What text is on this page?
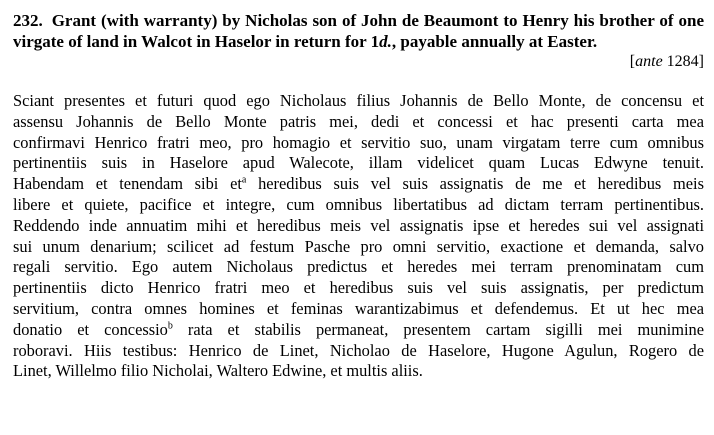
232. Grant (with warranty) by Nicholas son of John de Beaumont to Henry his brother of one virgate of land in Walcot in Haselor in return for 1d., payable annually at Easter.

[ante 1284]

Sciant presentes et futuri quod ego Nicholaus filius Johannis de Bello Monte, de concensu et
assensu Johannis de Bello Monte patris mei, dedi et concessi et hac presenti carta mea
confirmavi Henrico fratri meo, pro homagio et servitio suo, unam virgatam terre cum omnibus
pertinentiis suis in Haselore apud Walecote, illam videlicet quam Lucas Edwyne tenuit.
Habendam et tenendam sibi $et^a$ heredibus suis vel suis assignatis de me et heredibus meis
libere et quiete, pacifice et integre, cum omnibus libertatibus ad dictam terram pertinentibus.
Reddendo inde annuatim mihi et heredibus meis vel assignatis ipse et heredes sui vel assignati
sui unum denarium; scilicet ad festum Pasche pro omni servitio, exactione et demanda, salvo
regali servitio. Ego autem Nicholaus predictus et heredes mei terram prenominatam cum
pertinentiis dicto Henrico fratri meo et heredibus suis vel suis assignatis, per predictum
servitium, contra omnes homines et feminas warantizabimus et defendemus. Et ut hec mea
donatio et concessio$^b$ rata et stabilis permaneat, presentem cartam sigilli mei munimine
roboravi. Hiis testibus: Henrico de Linet, Nicholao de Haselore, Hugone Agulun, Rogero de
Linet, Willelmo filio Nicholai, Waltero Edwine, et multis aliis.
